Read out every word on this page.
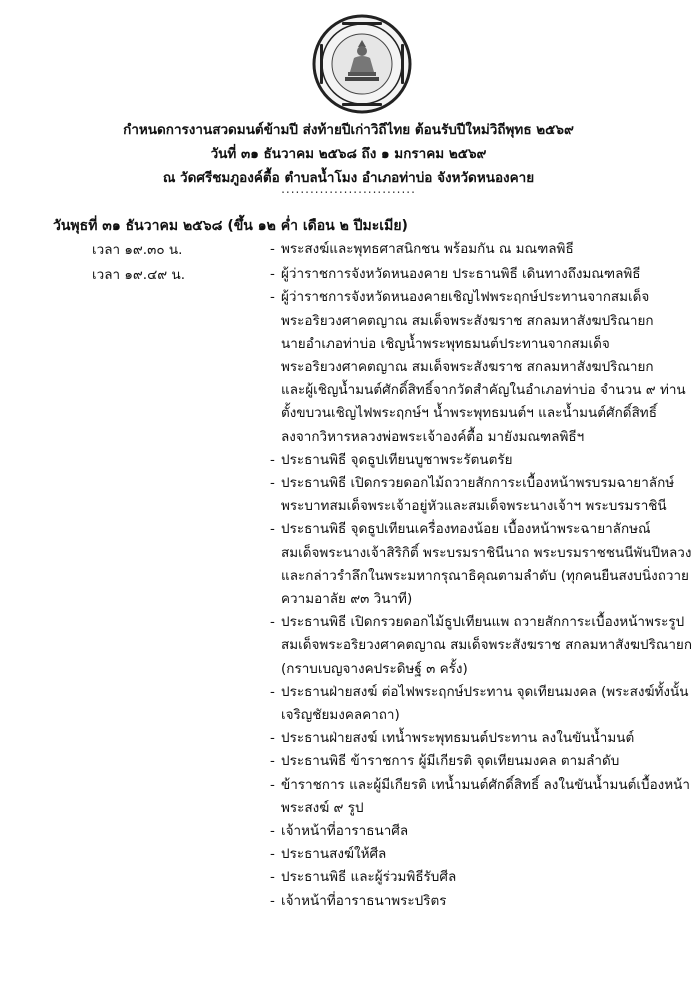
กำหนดการงานสวดมนต์ข้ามปี ส่งท้ายปีเก่าวิถีไทย ต้อนรับปีใหม่วิถีพุทธ ๒๕๖๙
วันที่ ๓๑ ธันวาคม ๒๕๖๘ ถึง ๑ มกราคม ๒๕๖๙
ณ วัดศรีชมภูองค์ตื้อ ตำบลน้ำโมง อำเภอท่าบ่อ จังหวัดหนองคาย
............................
วันพุธที่ ๓๑ ธันวาคม ๒๕๖๘ (ขึ้น ๑๒ ค่ำ เดือน ๒ ปีมะเมีย)
เวลา ๑๙.๓๐ น.
เวลา ๑๙.๔๙ น.
- พระสงฆ์และพุทธศาสนิกชน พร้อมกัน ณ มณฑลพิธี
- ผู้ว่าราชการจังหวัดหนองคาย ประธานพิธี เดินทางถึงมณฑลพิธี
- ผู้ว่าราชการจังหวัดหนองคายเชิญไฟพระฤกษ์ประทานจากสมเด็จ
พระอริยวงศาคตญาณ สมเด็จพระสังฆราช สกลมหาสังฆปริณายก
นายอำเภอท่าบ่อ เชิญน้ำพระพุทธมนต์ประทานจากสมเด็จ
พระอริยวงศาคตญาณ สมเด็จพระสังฆราช สกลมหาสังฆปริณายก
และผู้เชิญน้ำมนต์ศักดิ์สิทธิ์จากวัดสำคัญในอำเภอท่าบ่อ จำนวน ๙ ท่าน
ตั้งขบวนเชิญไฟพระฤกษ์ฯ น้ำพระพุทธมนต์ฯ และน้ำมนต์ศักดิ์สิทธิ์
ลงจากวิหารหลวงพ่อพระเจ้าองค์ตื้อ มายังมณฑลพิธีฯ
- ประธานพิธี จุดธูปเทียนบูชาพระรัตนตรัย
- ประธานพิธี เปิดกรวยดอกไม้ถวายสักการะเบื้องหน้าพรบรมฉายาลักษ์
พระบาทสมเด็จพระเจ้าอยู่หัวและสมเด็จพระนางเจ้าฯ พระบรมราชินี
- ประธานพิธี จุดธูปเทียนเครื่องทองน้อย เบื้องหน้าพระฉายาลักษณ์
สมเด็จพระนางเจ้าสิริกิติ์ พระบรมราชินีนาถ พระบรมราชชนนีพันปีหลวง
และกล่าวรำลึกในพระมหากรุณาธิคุณตามลำดับ (ทุกคนยืนสงบนิ่งถวาย
ความอาลัย ๙๓ วินาที)
- ประธานพิธี เปิดกรวยดอกไม้ธูปเทียนแพ ถวายสักการะเบื้องหน้าพระรูป
สมเด็จพระอริยวงศาคตญาณ สมเด็จพระสังฆราช สกลมหาสังฆปริณายก
(กราบเบญจางคประดิษฐ์ ๓ ครั้ง)
- ประธานฝ่ายสงฆ์ ต่อไฟพระฤกษ์ประทาน จุดเทียนมงคล (พระสงฆ์ทั้งนั้น
เจริญชัยมงคลคาถา)
- ประธานฝ่ายสงฆ์ เทน้ำพระพุทธมนต์ประทาน ลงในขันน้ำมนต์
- ประธานพิธี ข้าราชการ ผู้มีเกียรติ จุดเทียนมงคล ตามลำดับ
- ข้าราชการ และผู้มีเกียรติ เทน้ำมนต์ศักดิ์สิทธิ์ ลงในขันน้ำมนต์เบื้องหน้า
พระสงฆ์ ๙ รูป
- เจ้าหน้าที่อาราธนาศีล
- ประธานสงฆ์ให้ศีล
- ประธานพิธี และผู้ร่วมพิธีรับศีล
- เจ้าหน้าที่อาราธนาพระปริตร
